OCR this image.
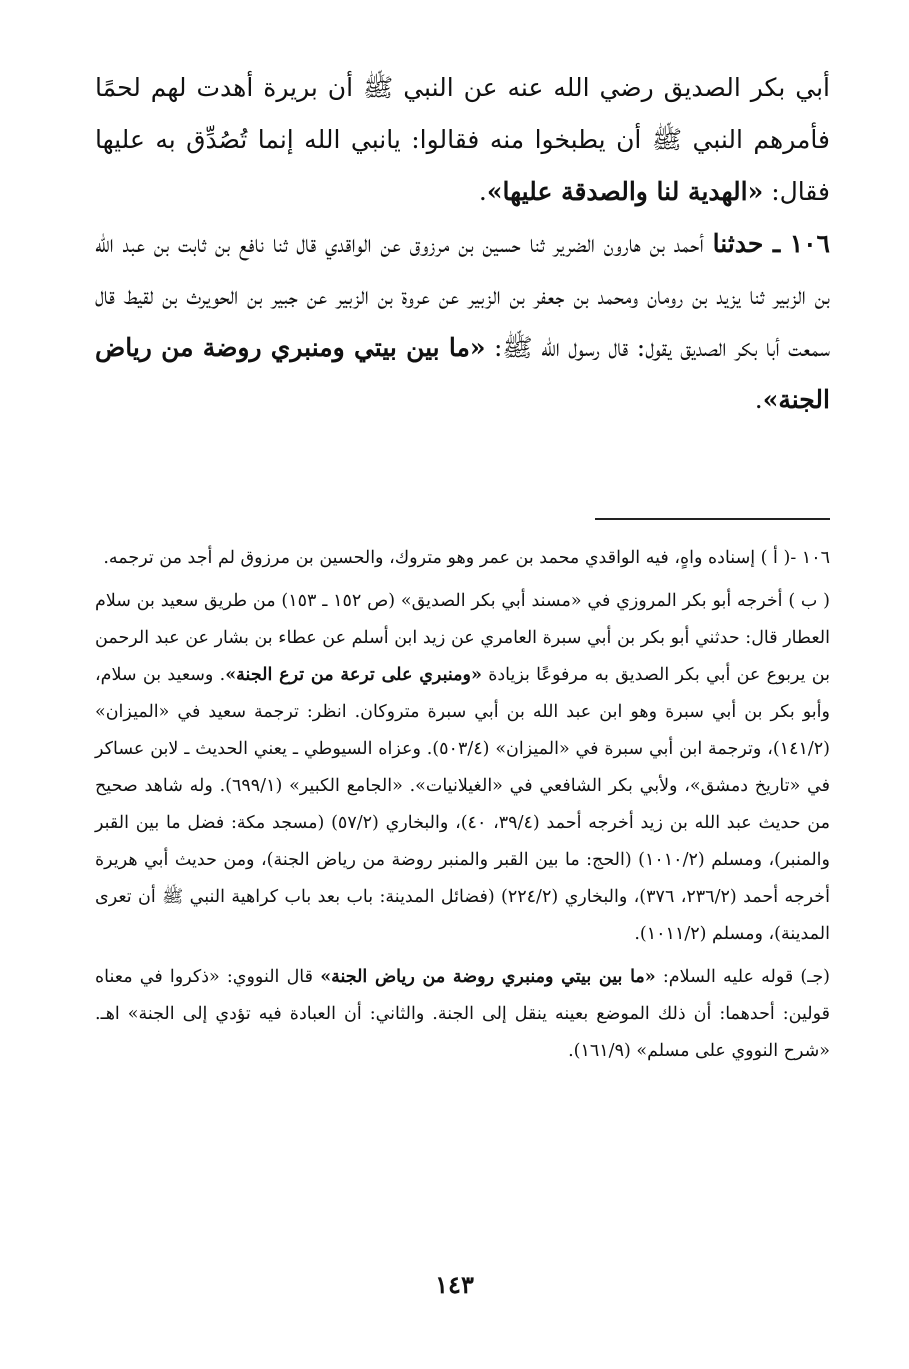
أبي بكر الصديق رضي الله عنه عن النبي ﷺ أن بريرة أهدت لهم لحمًا فأمرهم النبي ﷺ أن يطبخوا منه فقالوا: يانبي الله إنما تُصُدِّق به عليها فقال: «الهدية لنا والصدقة عليها».

١٠٦ ـ حدثنا أحمد بن هارون الضرير ثنا حسين بن مرزوق عن الواقدي قال ثنا نافع بن ثابت بن عبد الله بن الزبير ثنا يزيد بن رومان ومحمد بن جعفر بن الزبير عن عروة بن الزبير عن جبير بن الحويرث بن لقيط قال سمعت أبا بكر الصديق يقول: قال رسول الله ﷺ: «ما بين بيتي ومنبري روضة من رياض الجنة».

١٠٦ -( أ ) إسناده واهٍ، فيه الواقدي محمد بن عمر وهو متروك، والحسين بن مرزوق لم أجد من ترجمه.

( ب ) أخرجه أبو بكر المروزي في «مسند أبي بكر الصديق» (ص ١٥٢ ـ ١٥٣) من طريق سعيد بن سلام العطار قال: حدثني أبو بكر بن أبي سبرة العامري عن زيد ابن أسلم عن عطاء بن بشار عن عبد الرحمن بن يربوع عن أبي بكر الصديق به مرفوعًا بزيادة «ومنبري على ترعة من ترع الجنة». وسعيد بن سلام، وأبو بكر بن أبي سبرة وهو ابن عبد الله بن أبي سبرة متروكان. انظر: ترجمة سعيد في «الميزان» (١٤١/٢)، وترجمة ابن أبي سبرة في «الميزان» (٥٠٣/٤). وعزاه السيوطي ـ يعني الحديث ـ لابن عساكر في «تاريخ دمشق»، ولأبي بكر الشافعي في «الغيلانيات». «الجامع الكبير» (٦٩٩/١). وله شاهد صحيح من حديث عبد الله بن زيد أخرجه أحمد (٣٩/٤، ٤٠)، والبخاري (٥٧/٢) (مسجد مكة: فضل ما بين القبر والمنبر)، ومسلم (١٠١٠/٢) (الحج: ما بين القبر والمنبر روضة من رياض الجنة)، ومن حديث أبي هريرة أخرجه أحمد (٢٣٦/٢، ٣٧٦)، والبخاري (٢٢٤/٢) (فضائل المدينة: باب بعد باب كراهية النبي ﷺ أن تعرى المدينة)، ومسلم (١٠١١/٢).

(جـ) قوله عليه السلام: «ما بين بيتي ومنبري روضة من رياض الجنة» قال النووي: «ذكروا في معناه قولين: أحدهما: أن ذلك الموضع بعينه ينقل إلى الجنة. والثاني: أن العبادة فيه تؤدي إلى الجنة» اهـ. «شرح النووي على مسلم» (١٦١/٩).

١٤٣
